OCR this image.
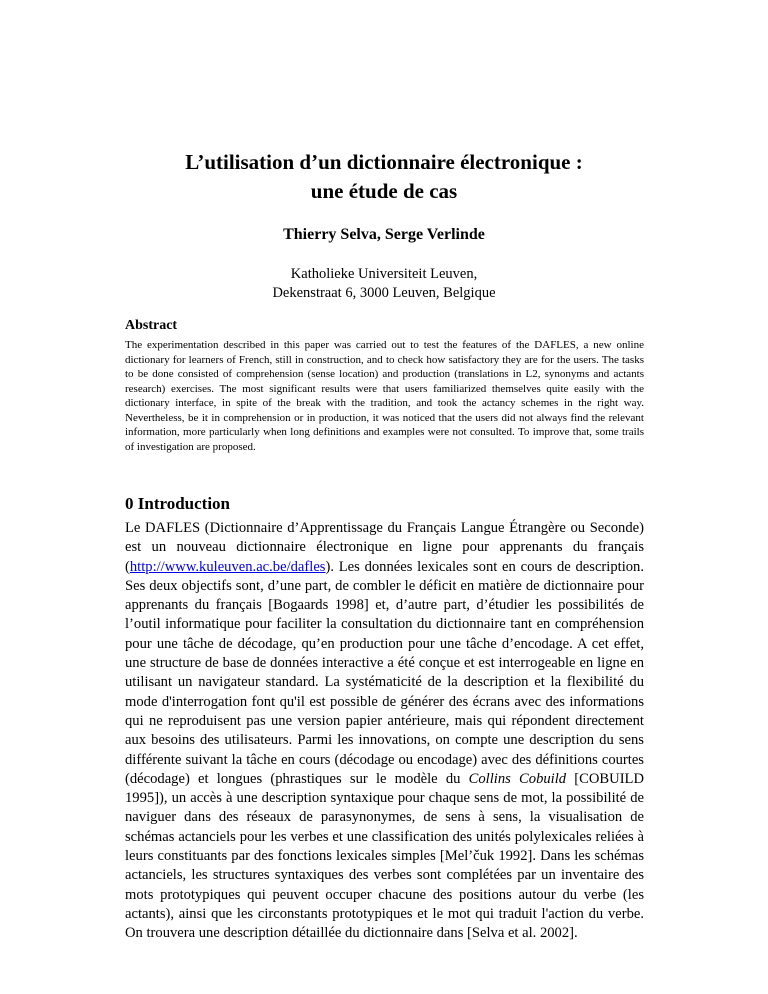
L’utilisation d’un dictionnaire électronique :
une étude de cas

Thierry Selva, Serge Verlinde

Katholieke Universiteit Leuven,
Dekenstraat 6, 3000 Leuven, Belgique

Abstract

The experimentation described in this paper was carried out to test the features of the DAFLES, a new online dictionary for learners of French, still in construction, and to check how satisfactory they are for the users. The tasks to be done consisted of comprehension (sense location) and production (translations in L2, synonyms and actants research) exercises. The most significant results were that users familiarized themselves quite easily with the dictionary interface, in spite of the break with the tradition, and took the actancy schemes in the right way. Nevertheless, be it in comprehension or in production, it was noticed that the users did not always find the relevant information, more particularly when long definitions and examples were not consulted. To improve that, some trails of investigation are proposed.

0 Introduction

Le DAFLES (Dictionnaire d’Apprentissage du Français Langue Étrangère ou Seconde) est un nouveau dictionnaire électronique en ligne pour apprenants du français (http://www.kuleuven.ac.be/dafles). Les données lexicales sont en cours de description. Ses deux objectifs sont, d’une part, de combler le déficit en matière de dictionnaire pour apprenants du français [Bogaards 1998] et, d’autre part, d’étudier les possibilités de l’outil informatique pour faciliter la consultation du dictionnaire tant en compréhension pour une tâche de décodage, qu’en production pour une tâche d’encodage. A cet effet, une structure de base de données interactive a été conçue et est interrogeable en ligne en utilisant un navigateur standard. La systématicité de la description et la flexibilité du mode d'interrogation font qu'il est possible de générer des écrans avec des informations qui ne reproduisent pas une version papier antérieure, mais qui répondent directement aux besoins des utilisateurs. Parmi les innovations, on compte une description du sens différente suivant la tâche en cours (décodage ou encodage) avec des définitions courtes (décodage) et longues (phrastiques sur le modèle du Collins Cobuild [COBUILD 1995]), un accès à une description syntaxique pour chaque sens de mot, la possibilité de naviguer dans des réseaux de parasynonymes, de sens à sens, la visualisation de schémas actanciels pour les verbes et une classification des unités polylexicales reliées à leurs constituants par des fonctions lexicales simples [Mel’čuk 1992]. Dans les schémas actanciels, les structures syntaxiques des verbes sont complétées par un inventaire des mots prototypiques qui peuvent occuper chacune des positions autour du verbe (les actants), ainsi que les circonstants prototypiques et le mot qui traduit l'action du verbe. On trouvera une description détaillée du dictionnaire dans [Selva et al. 2002].
